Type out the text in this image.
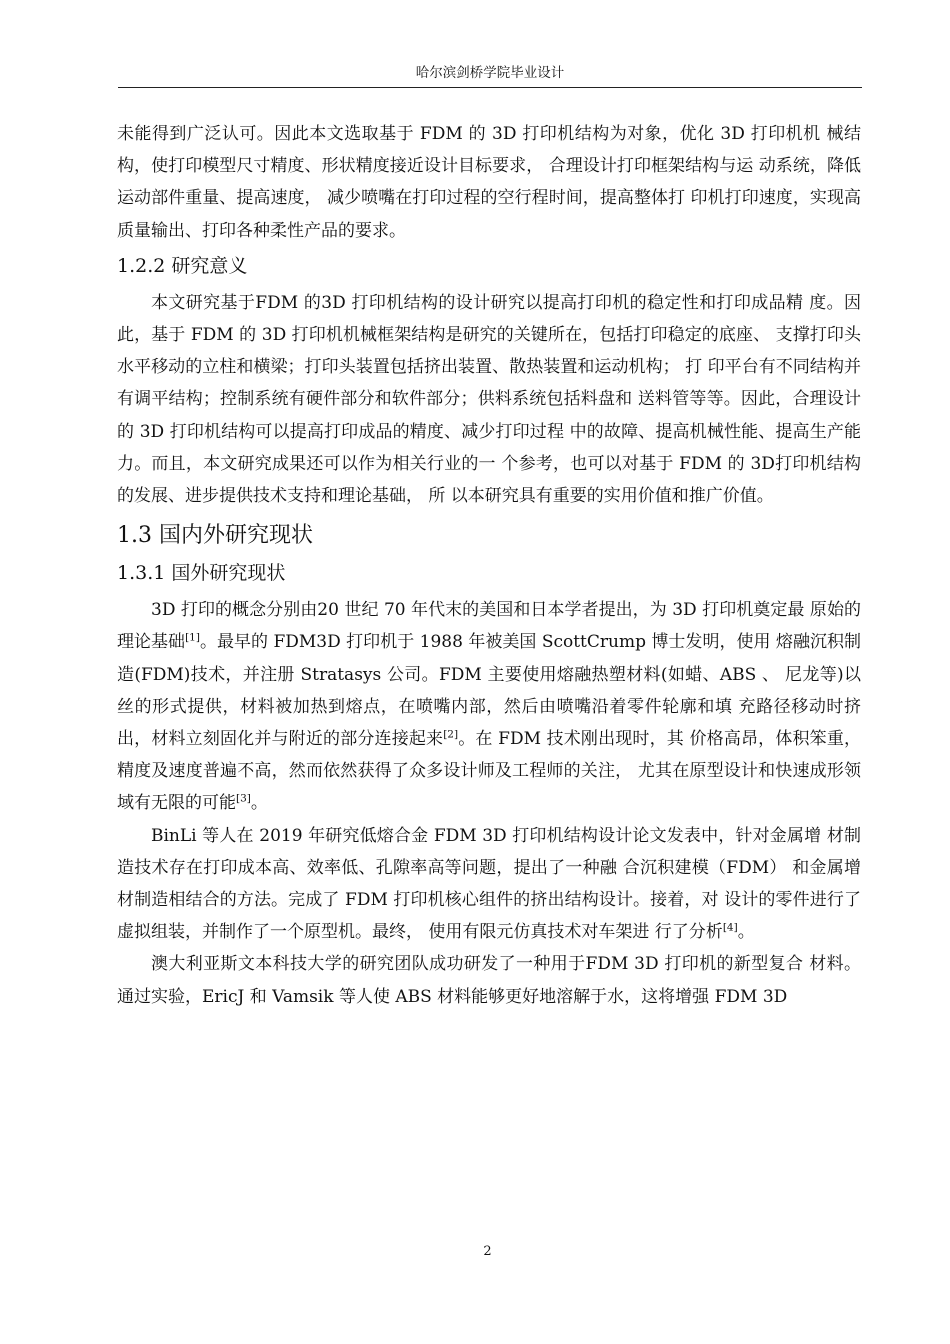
哈尔滨剑桥学院毕业设计

未能得到广泛认可。因此本文选取基于 FDM 的 3D 打印机结构为对象，优化 3D 打印机机 械结构，使打印模型尺寸精度、形状精度接近设计目标要求， 合理设计打印框架结构与运 动系统，降低运动部件重量、提高速度， 减少喷嘴在打印过程的空行程时间，提高整体打 印机打印速度，实现高质量输出、打印各种柔性产品的要求。

1.2.2 研究意义

本文研究基于FDM 的3D 打印机结构的设计研究以提高打印机的稳定性和打印成品精 度。因此，基于 FDM 的 3D 打印机机械框架结构是研究的关键所在，包括打印稳定的底座、 支撑打印头水平移动的立柱和横梁；打印头装置包括挤出装置、散热装置和运动机构； 打 印平台有不同结构并有调平结构；控制系统有硬件部分和软件部分；供料系统包括料盘和 送料管等等。因此，合理设计的 3D 打印机结构可以提高打印成品的精度、减少打印过程 中的故障、提高机械性能、提高生产能力。而且，本文研究成果还可以作为相关行业的一 个参考，也可以对基于 FDM 的 3D打印机结构的发展、进步提供技术支持和理论基础， 所 以本研究具有重要的实用价值和推广价值。

1.3 国内外研究现状
1.3.1 国外研究现状

3D 打印的概念分别由20 世纪 70 年代末的美国和日本学者提出，为 3D 打印机奠定最 原始的理论基础[1]。最早的 FDM3D 打印机于 1988 年被美国 ScottCrump 博士发明，使用 熔融沉积制造(FDM)技术，并注册 Stratasys 公司。FDM 主要使用熔融热塑材料(如蜡、ABS 、 尼龙等)以丝的形式提供，材料被加热到熔点，在喷嘴内部，然后由喷嘴沿着零件轮廓和填 充路径移动时挤出，材料立刻固化并与附近的部分连接起来[2]。在 FDM 技术刚出现时，其 价格高昂，体积笨重，精度及速度普遍不高，然而依然获得了众多设计师及工程师的关注， 尤其在原型设计和快速成形领域有无限的可能[3]。

BinLi 等人在 2019 年研究低熔合金 FDM 3D 打印机结构设计论文发表中，针对金属增 材制造技术存在打印成本高、效率低、孔隙率高等问题，提出了一种融 合沉积建模（FDM） 和金属增材制造相结合的方法。完成了 FDM 打印机核心组件的挤出结构设计。接着，对 设计的零件进行了虚拟组装，并制作了一个原型机。最终， 使用有限元仿真技术对车架进 行了分析[4]。

澳大利亚斯文本科技大学的研究团队成功研发了一种用于FDM 3D 打印机的新型复合 材料。通过实验，EricJ 和 Vamsik 等人使 ABS 材料能够更好地溶解于水，这将增强 FDM 3D

2
